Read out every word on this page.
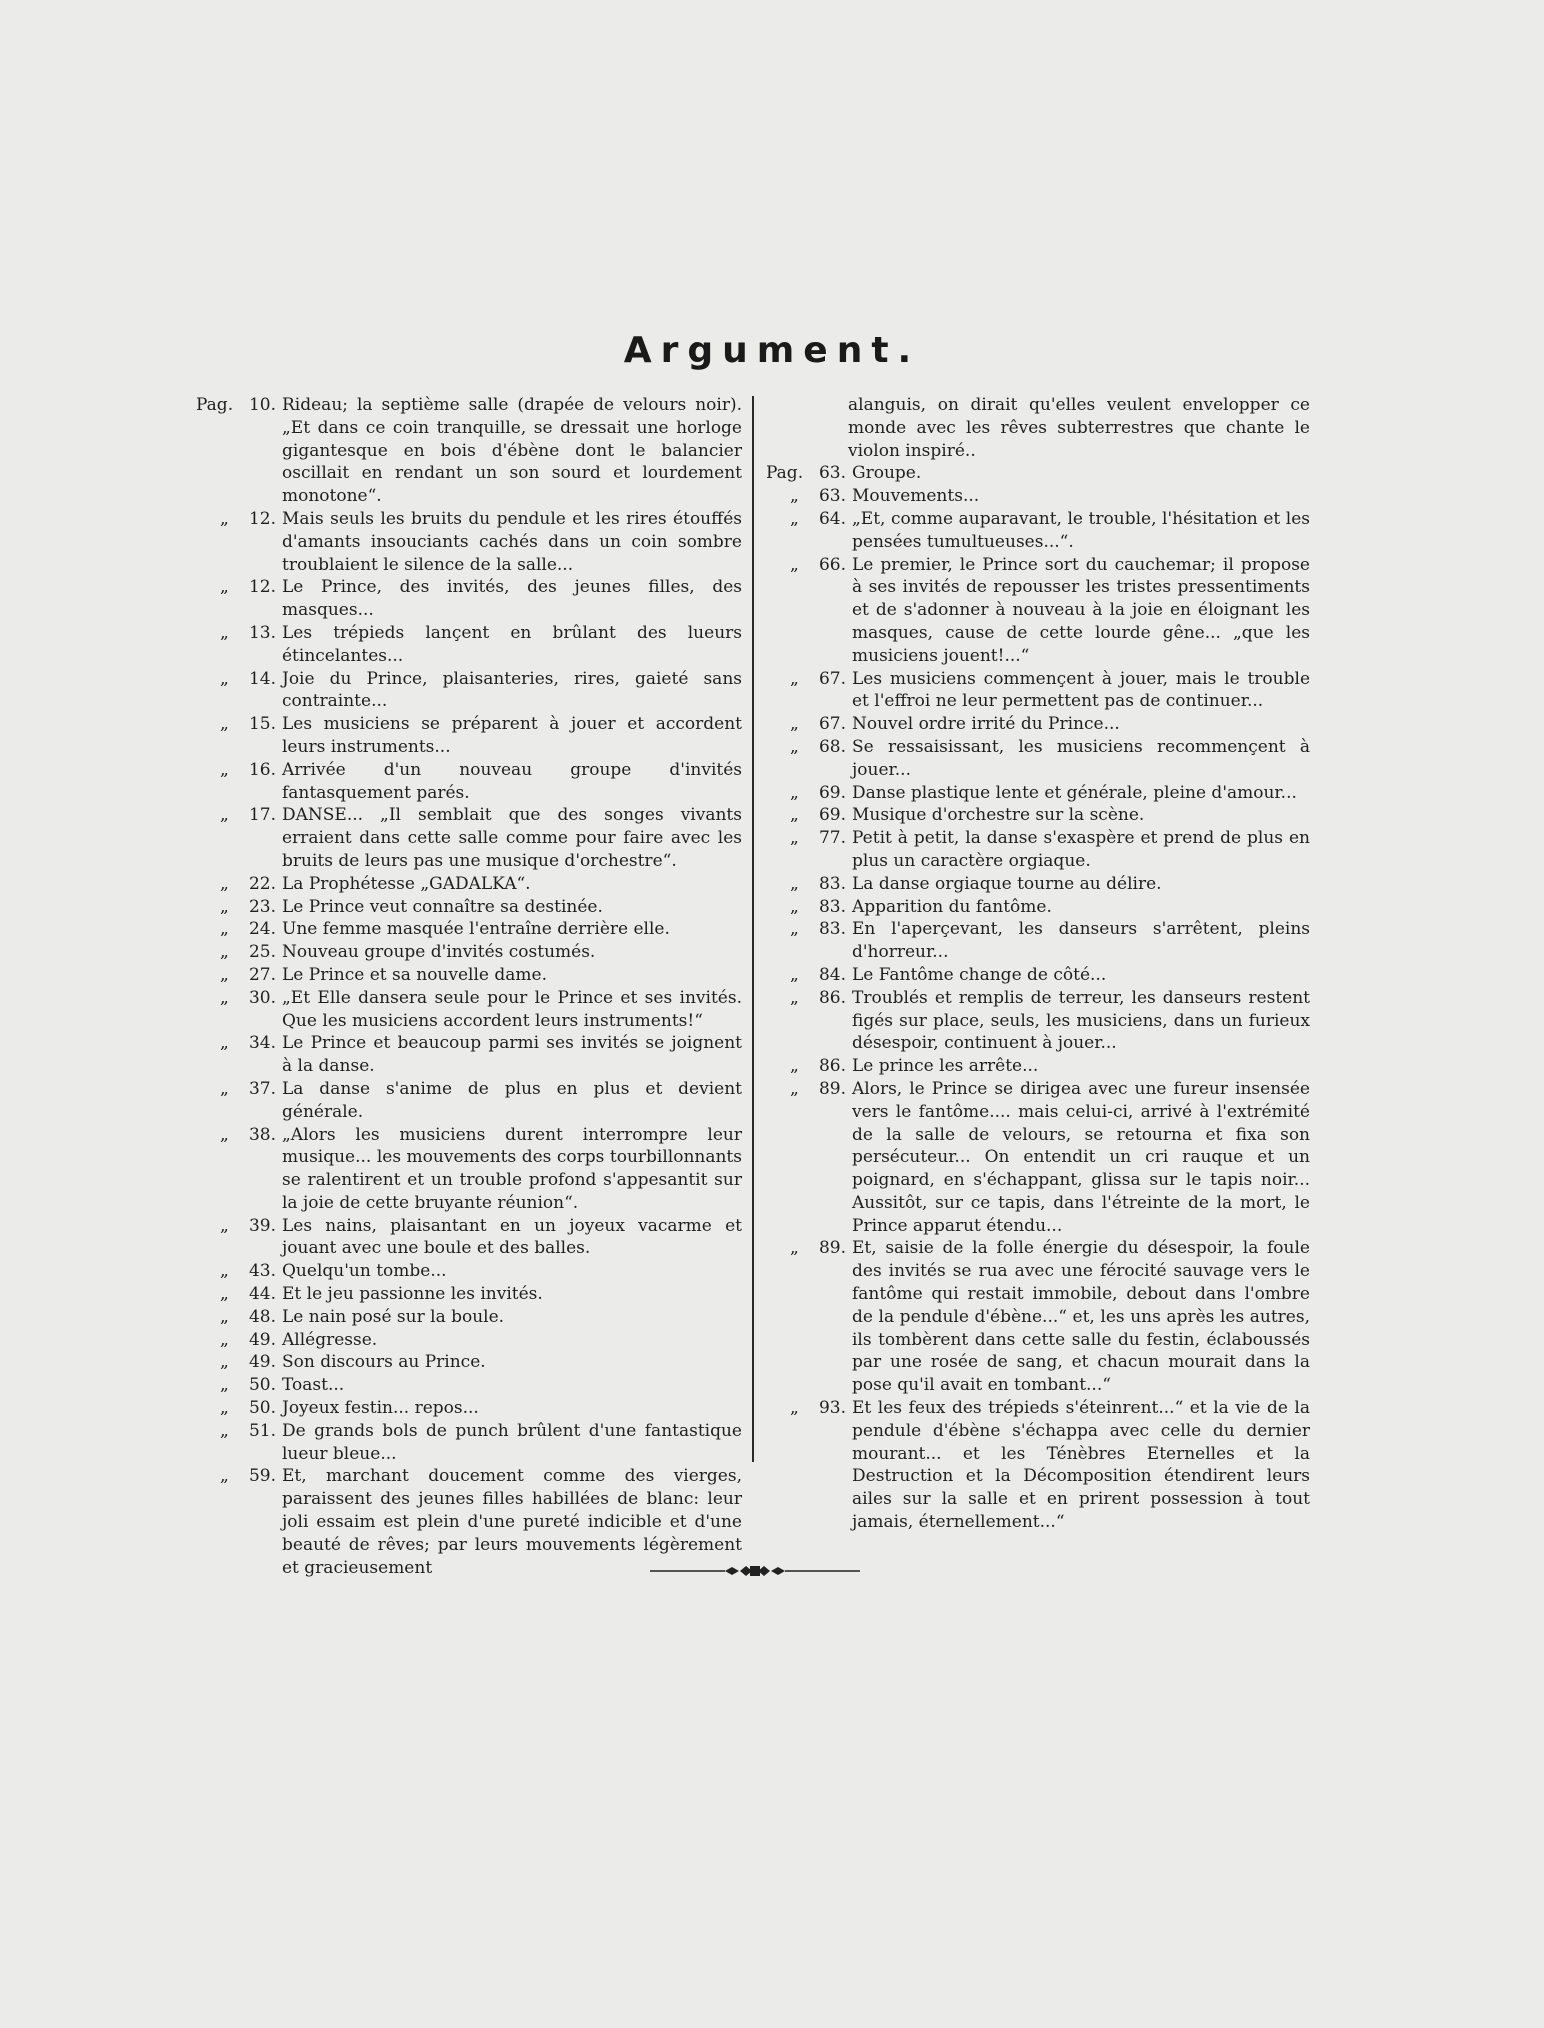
Argument.
Pag. 10. Rideau; la septième salle (drapée de velours noir). „Et dans ce coin tranquille, se dressait une horloge gigantesque en bois d'ébène dont le balancier oscillait en rendant un son sourd et lourdement monotone“.
„	12. Mais seuls les bruits du pendule et les rires étouffés d'amants insouciants cachés dans un coin sombre troublaient le silence de la salle...
„	12. Le Prince, des invités, des jeunes filles, des masques...
„	13. Les trépieds lançent en brûlant des lueurs étincelantes...
„	14. Joie du Prince, plaisanteries, rires, gaieté sans contrainte...
„	15. Les musiciens se préparent à jouer et accordent leurs instruments...
„	16. Arrivée d'un nouveau groupe d'invités fantasquement parés.
„	17. DANSE... „Il semblait que des songes vivants erraient dans cette salle comme pour faire avec les bruits de leurs pas une musique d'orchestre“.
„	22. La Prophétesse „GADALKA“.
„	23. Le Prince veut connaître sa destinée.
„	24. Une femme masquée l'entraîne derrière elle.
„	25. Nouveau groupe d'invités costumés.
„	27. Le Prince et sa nouvelle dame.
„	30. „Et Elle dansera seule pour le Prince et ses invités. Que les musiciens accordent leurs instruments!“
„	34. Le Prince et beaucoup parmi ses invités se joignent à la danse.
„	37. La danse s'anime de plus en plus et devient générale.
„	38. „Alors les musiciens durent interrompre leur musique... les mouvements des corps tourbillonnants se ralentirent et un trouble profond s'appesantit sur la joie de cette bruyante réunion“.
„	39. Les nains, plaisantant en un joyeux vacarme et jouant avec une boule et des balles.
„	43. Quelqu'un tombe...
„	44. Et le jeu passionne les invités.
„	48. Le nain posé sur la boule.
„	49. Allégresse.
„	49. Son discours au Prince.
„	50. Toast...
„	50. Joyeux festin... repos...
„	51. De grands bols de punch brûlent d'une fantastique lueur bleue...
„	59. Et, marchant doucement comme des vierges, paraissent des jeunes filles habillées de blanc: leur joli essaim est plein d'une pureté indicible et d'une beauté de rêves; par leurs mouvements légèrement et gracieusement
alanguis, on dirait qu'elles veulent envelopper ce monde avec les rêves subterrestres que chante le violon inspiré..
Pag. 63. Groupe.
„	63. Mouvements...
„	64. „Et, comme auparavant, le trouble, l'hésitation et les pensées tumultueuses...“.
„	66. Le premier, le Prince sort du cauchemar; il propose à ses invités de repousser les tristes pressentiments et de s'adonner à nouveau à la joie en éloignant les masques, cause de cette lourde gêne... „que les musiciens jouent!...“
„	67. Les musiciens commençent à jouer, mais le trouble et l'effroi ne leur permettent pas de continuer...
„	67. Nouvel ordre irrité du Prince...
„	68. Se ressaisissant, les musiciens recommençent à jouer...
„	69. Danse plastique lente et générale, pleine d'amour...
„	69. Musique d'orchestre sur la scène.
„	77. Petit à petit, la danse s'exaspère et prend de plus en plus un caractère orgiaque.
„	83. La danse orgiaque tourne au délire.
„	83. Apparition du fantôme.
„	83. En l'aperçevant, les danseurs s'arrêtent, pleins d'horreur...
„	84. Le Fantôme change de côté...
„	86. Troublés et remplis de terreur, les danseurs restent figés sur place, seuls, les musiciens, dans un furieux désespoir, continuent à jouer...
„	86. Le prince les arrête...
„	89. Alors, le Prince se dirigea avec une fureur insensée vers le fantôme.... mais celui-ci, arrivé à l'extrémité de la salle de velours, se retourna et fixa son persécuteur... On entendit un cri rauque et un poignard, en s'échappant, glissa sur le tapis noir... Aussitôt, sur ce tapis, dans l'étreinte de la mort, le Prince apparut étendu...
„	89. Et, saisie de la folle énergie du désespoir, la foule des invités se rua avec une férocité sauvage vers le fantôme qui restait immobile, debout dans l'ombre de la pendule d'ébène...“ et, les uns après les autres, ils tombèrent dans cette salle du festin, éclaboussés par une rosée de sang, et chacun mourait dans la pose qu'il avait en tombant...“
„	93. Et les feux des trépieds s'éteinrent...“ et la vie de la pendule d'ébène s'échappa avec celle du dernier mourant... et les Ténèbres Eternelles et la Destruction et la Décomposition étendirent leurs ailes sur la salle et en prirent possession à tout jamais, éternellement...“
